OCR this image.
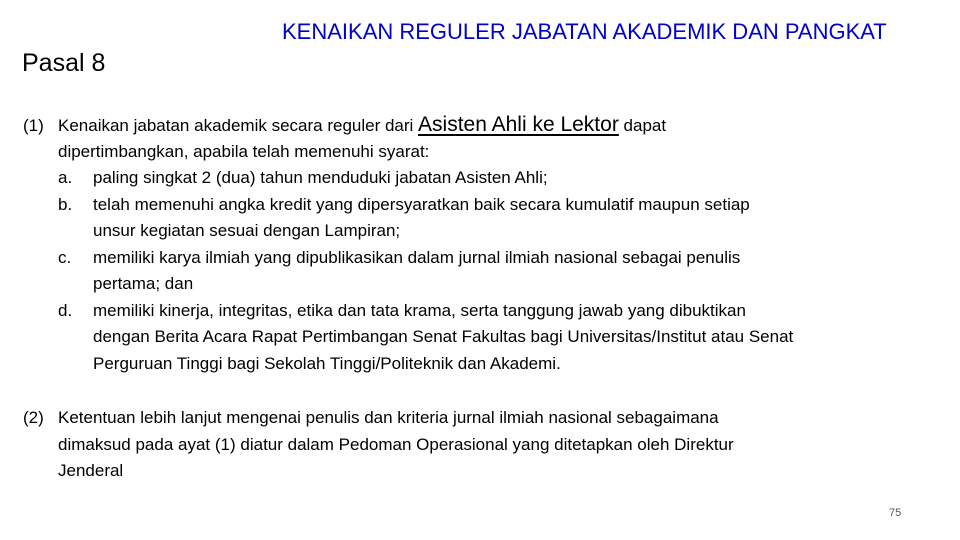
Pasal 8
KENAIKAN REGULER JABATAN AKADEMIK DAN PANGKAT
(1) Kenaikan jabatan akademik secara reguler dari Asisten Ahli ke Lektor dapat
dipertimbangkan, apabila telah memenuhi syarat:
a. paling singkat 2 (dua) tahun menduduki jabatan Asisten Ahli;
b. telah memenuhi angka kredit yang dipersyaratkan baik secara kumulatif maupun setiap
unsur kegiatan sesuai dengan Lampiran;
c. memiliki karya ilmiah yang dipublikasikan dalam jurnal ilmiah nasional sebagai penulis
pertama; dan
d. memiliki kinerja, integritas, etika dan tata krama, serta tanggung jawab yang dibuktikan
dengan Berita Acara Rapat Pertimbangan Senat Fakultas bagi Universitas/Institut atau Senat
Perguruan Tinggi bagi Sekolah Tinggi/Politeknik dan Akademi.
(2) Ketentuan lebih lanjut mengenai penulis dan kriteria jurnal ilmiah nasional sebagaimana
dimaksud pada ayat (1) diatur dalam Pedoman Operasional yang ditetapkan oleh Direktur
Jenderal
75
